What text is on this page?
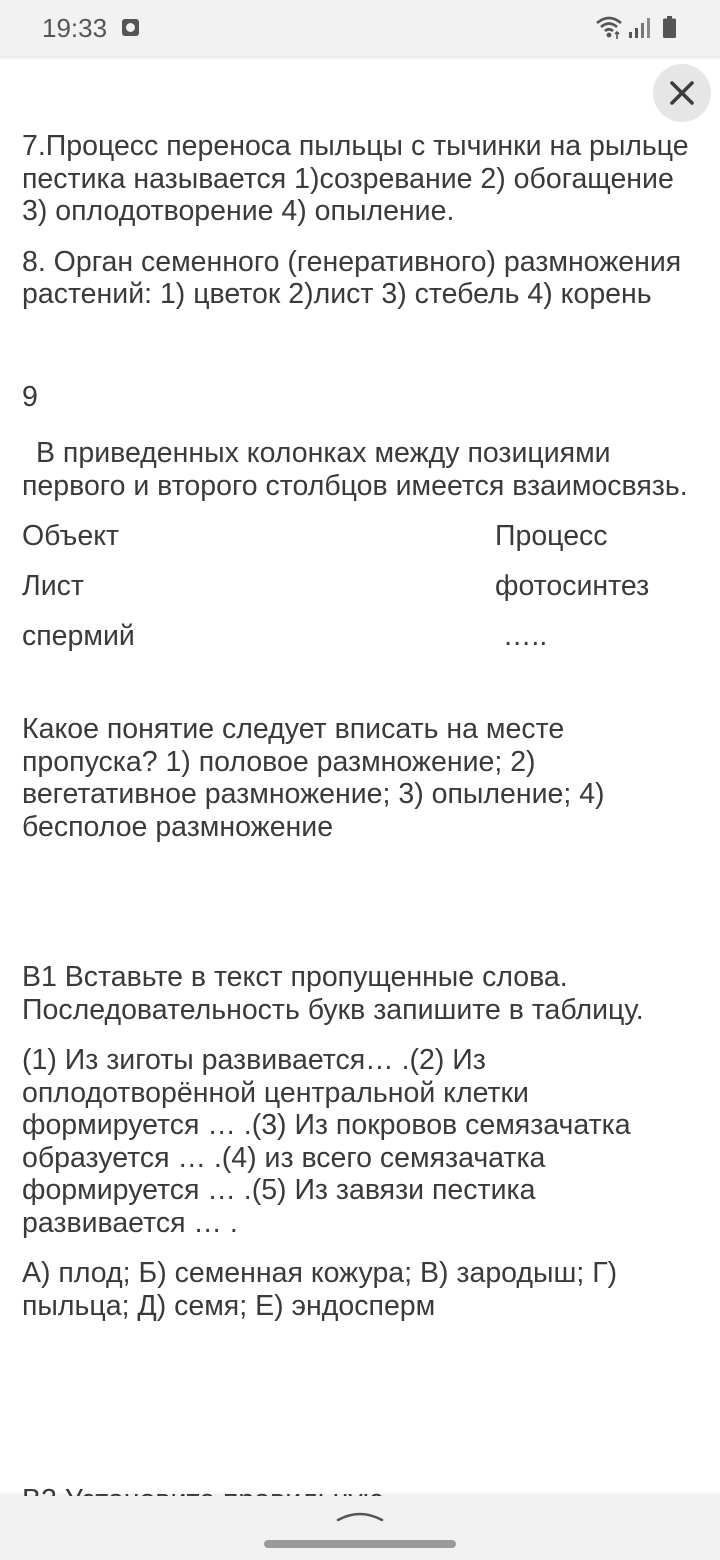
19:33

7.Процесс переноса пыльцы с тычинки на рыльце пестика называется 1)созревание 2) обогащение 3) оплодотворение 4) опыление.

8. Орган семенного (генеративного) размножения растений: 1) цветок 2)лист 3) стебель 4) корень

9

В приведенных колонках между позициями первого и второго столбцов имеется взаимосвязь.

Объект	Процесс
Лист	фотосинтез
спермий	…..

Какое понятие следует вписать на месте пропуска? 1) половое размножение; 2) вегетативное размножение; 3) опыление; 4) бесполое размножение

В1 Вставьте в текст пропущенные слова. Последовательность букв запишите в таблицу.

(1) Из зиготы развивается… .(2) Из оплодотворённой центральной клетки формируется … .(3) Из покровов семязачатка образуется … .(4) из всего семязачатка формируется … .(5) Из завязи пестика развивается … .

А) плод; Б) семенная кожура; В) зародыш; Г) пыльца; Д) семя; Е) эндосперм
